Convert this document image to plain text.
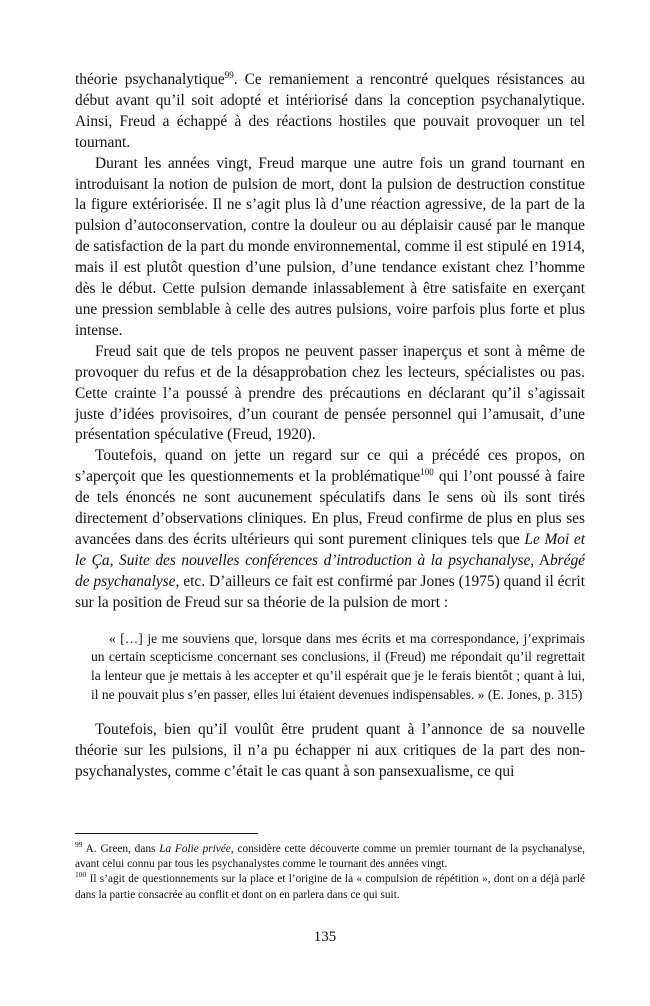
théorie psychanalytique$^{99}$. Ce remaniement a rencontré quelques résistances au début avant qu’il soit adopté et intériorisé dans la conception psychanalytique. Ainsi, Freud a échappé à des réactions hostiles que pouvait provoquer un tel tournant.

Durant les années vingt, Freud marque une autre fois un grand tournant en introduisant la notion de pulsion de mort, dont la pulsion de destruction constitue la figure extériorisée. Il ne s’agit plus là d’une réaction agressive, de la part de la pulsion d’autoconservation, contre la douleur ou au déplaisir causé par le manque de satisfaction de la part du monde environnemental, comme il est stipulé en 1914, mais il est plutôt question d’une pulsion, d’une tendance existant chez l’homme dès le début. Cette pulsion demande inlassablement à être satisfaite en exerçant une pression semblable à celle des autres pulsions, voire parfois plus forte et plus intense.

Freud sait que de tels propos ne peuvent passer inaperçus et sont à même de provoquer du refus et de la désapprobation chez les lecteurs, spécialistes ou pas. Cette crainte l’a poussé à prendre des précautions en déclarant qu’il s’agissait juste d’idées provisoires, d’un courant de pensée personnel qui l’amusait, d’une présentation spéculative (Freud, 1920).

Toutefois, quand on jette un regard sur ce qui a précédé ces propos, on s’aperçoit que les questionnements et la problématique$^{100}$ qui l’ont poussé à faire de tels énoncés ne sont aucunement spéculatifs dans le sens où ils sont tirés directement d’observations cliniques. En plus, Freud confirme de plus en plus ses avancées dans des écrits ultérieurs qui sont purement cliniques tels que Le Moi et le Ça, Suite des nouvelles conférences d’introduction à la psychanalyse, Abrégé de psychanalyse, etc. D’ailleurs ce fait est confirmé par Jones (1975) quand il écrit sur la position de Freud sur sa théorie de la pulsion de mort :

« […] je me souviens que, lorsque dans mes écrits et ma correspondance, j’exprimais un certain scepticisme concernant ses conclusions, il (Freud) me répondait qu’il regrettait la lenteur que je mettais à les accepter et qu’il espérait que je le ferais bientôt ; quant à lui, il ne pouvait plus s’en passer, elles lui étaient devenues indispensables. » (E. Jones, p. 315)

Toutefois, bien qu’il voulût être prudent quant à l’annonce de sa nouvelle théorie sur les pulsions, il n’a pu échapper ni aux critiques de la part des non-psychanalystes, comme c’était le cas quant à son pansexualisme, ce qui

$^{99}$ A. Green, dans La Folie privée, considère cette découverte comme un premier tournant de la psychanalyse, avant celui connu par tous les psychanalystes comme le tournant des années vingt.

$^{100}$ Il s’agit de questionnements sur la place et l’origine de la « compulsion de répétition », dont on a déjà parlé dans la partie consacrée au conflit et dont on en parlera dans ce qui suit.

135
